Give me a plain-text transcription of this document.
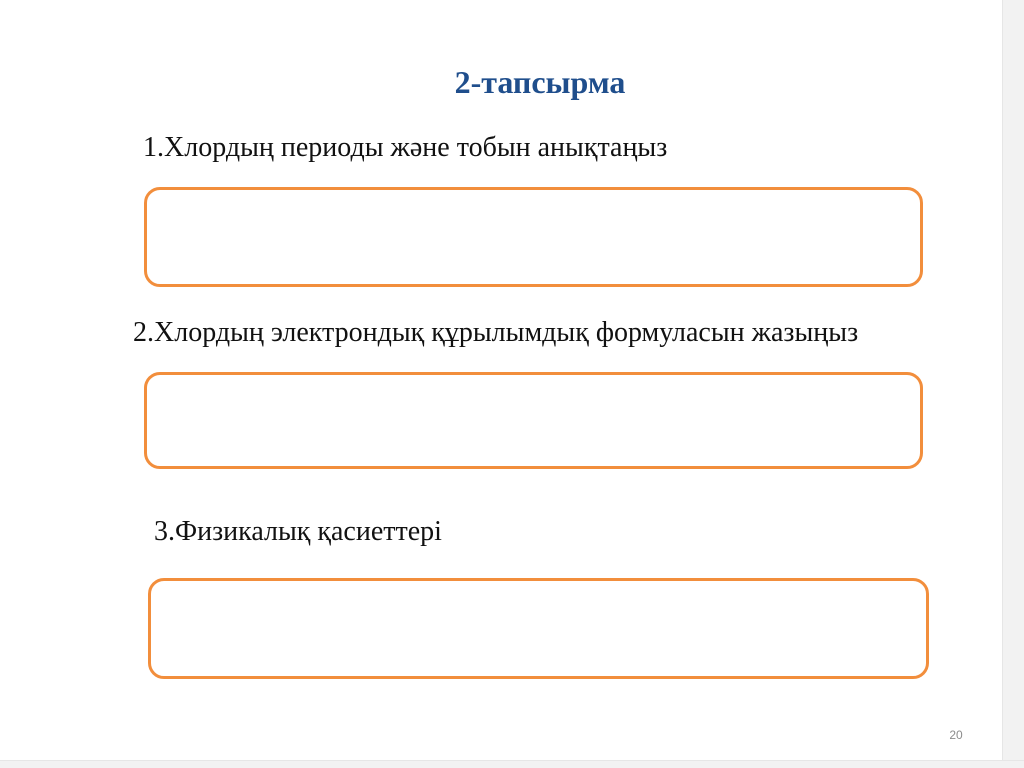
2-тапсырма
1.Хлордың периоды және тобын анықтаңыз
2.Хлордың электрондық құрылымдық формуласын жазыңыз
3.Физикалық қасиеттері
20
